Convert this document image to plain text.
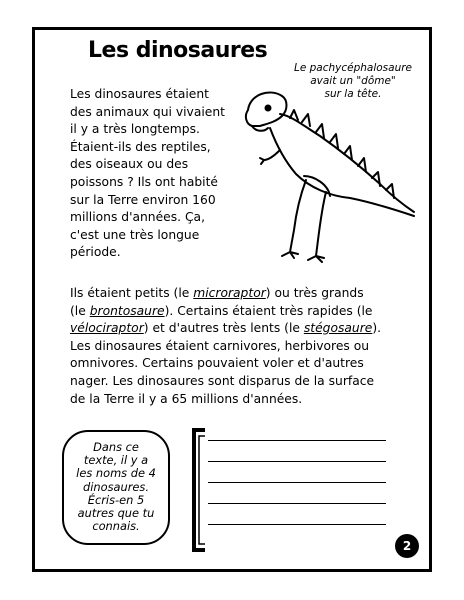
Les dinosaures
Le pachycéphalosaure
avait un "dôme"
sur la tête.
Les dinosaures étaient
des animaux qui vivaient
il y a très longtemps.
Étaient-ils des reptiles,
des oiseaux ou des
poissons ? Ils ont habité
sur la Terre environ 160
millions d'années. Ça,
c'est une très longue
période.
Ils étaient petits (le microraptor) ou très grands
(le brontosaure). Certains étaient très rapides (le
vélociraptor) et d'autres très lents (le stégosaure).
Les dinosaures étaient carnivores, herbivores ou
omnivores. Certains pouvaient voler et d'autres
nager. Les dinosaures sont disparus de la surface
de la Terre il y a 65 millions d'années.
Dans ce
texte, il y a
les noms de 4
dinosaures.
Écris-en 5
autres que tu
connais.
2
